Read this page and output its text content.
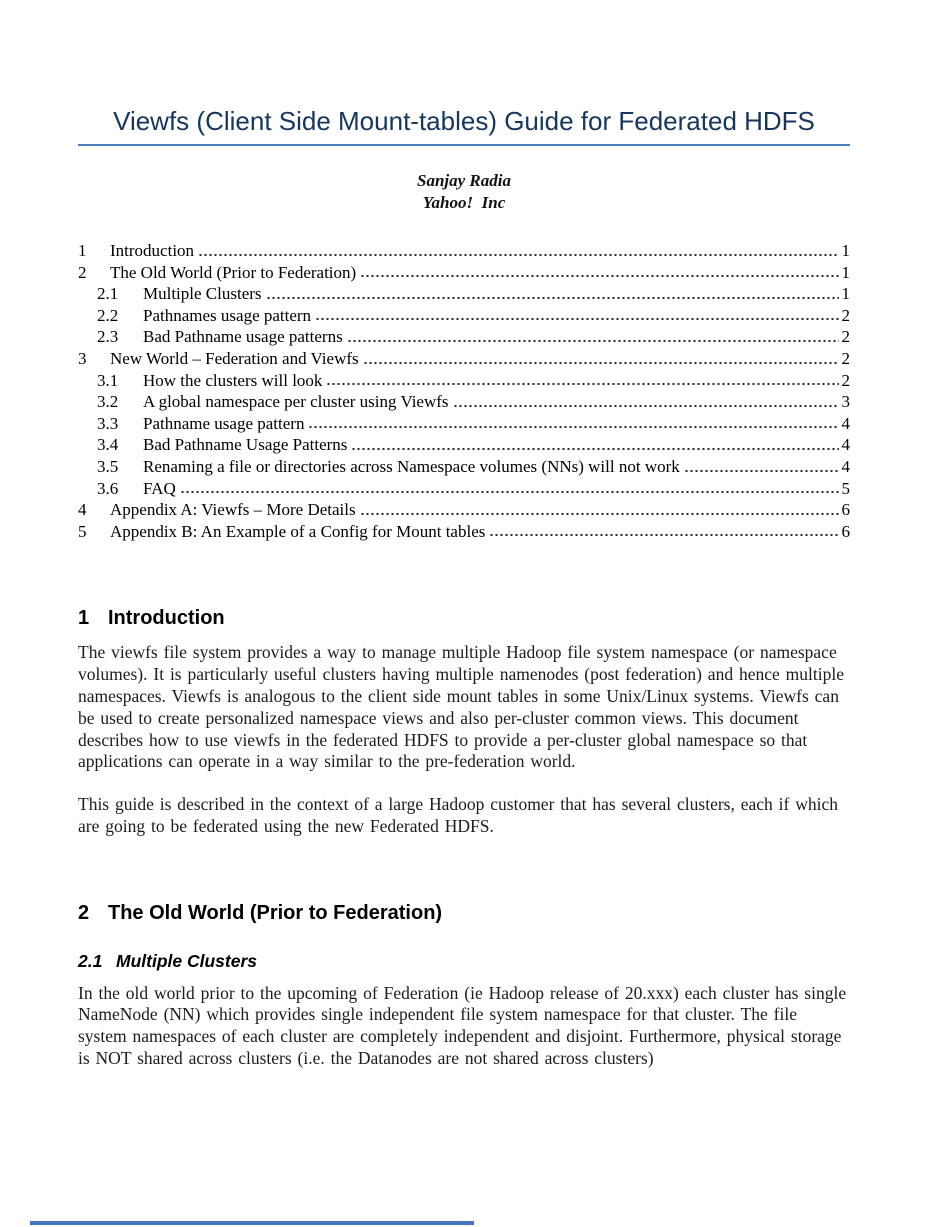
Viewfs (Client Side Mount-tables) Guide for Federated HDFS
Sanjay Radia
Yahoo!  Inc
1	Introduction	1
2	The Old World (Prior to Federation)	1
2.1	Multiple Clusters	1
2.2	Pathnames usage pattern	2
2.3	Bad Pathname usage patterns	2
3	New World – Federation and Viewfs	2
3.1	How the clusters will look	2
3.2	A global namespace per cluster using Viewfs	3
3.3	Pathname usage pattern	4
3.4	Bad Pathname Usage Patterns	4
3.5	Renaming a file or directories across Namespace volumes (NNs) will not work	4
3.6	FAQ	5
4	Appendix A: Viewfs – More Details	6
5	Appendix B: An Example of a Config for Mount tables	6
1 Introduction

The viewfs file system provides a way to manage multiple Hadoop file system namespace (or namespace volumes). It is particularly useful clusters having multiple namenodes (post federation) and hence multiple namespaces. Viewfs is analogous to the client side mount tables in some Unix/Linux systems. Viewfs can be used to create personalized namespace views and also per-cluster common views. This document describes how to use viewfs in the federated HDFS to provide a per-cluster global namespace so that applications can operate in a way similar to the pre-federation world.

This guide is described in the context of a large Hadoop customer that has several clusters, each if which are going to be federated using the new Federated HDFS.

2 The Old World (Prior to Federation)
2.1 Multiple Clusters

In the old world prior to the upcoming of Federation (ie Hadoop release of 20.xxx) each cluster has single NameNode (NN) which provides single independent file system namespace for that cluster. The file system namespaces of each cluster are completely independent and disjoint. Furthermore, physical storage is NOT shared across clusters (i.e. the Datanodes are not shared across clusters)
